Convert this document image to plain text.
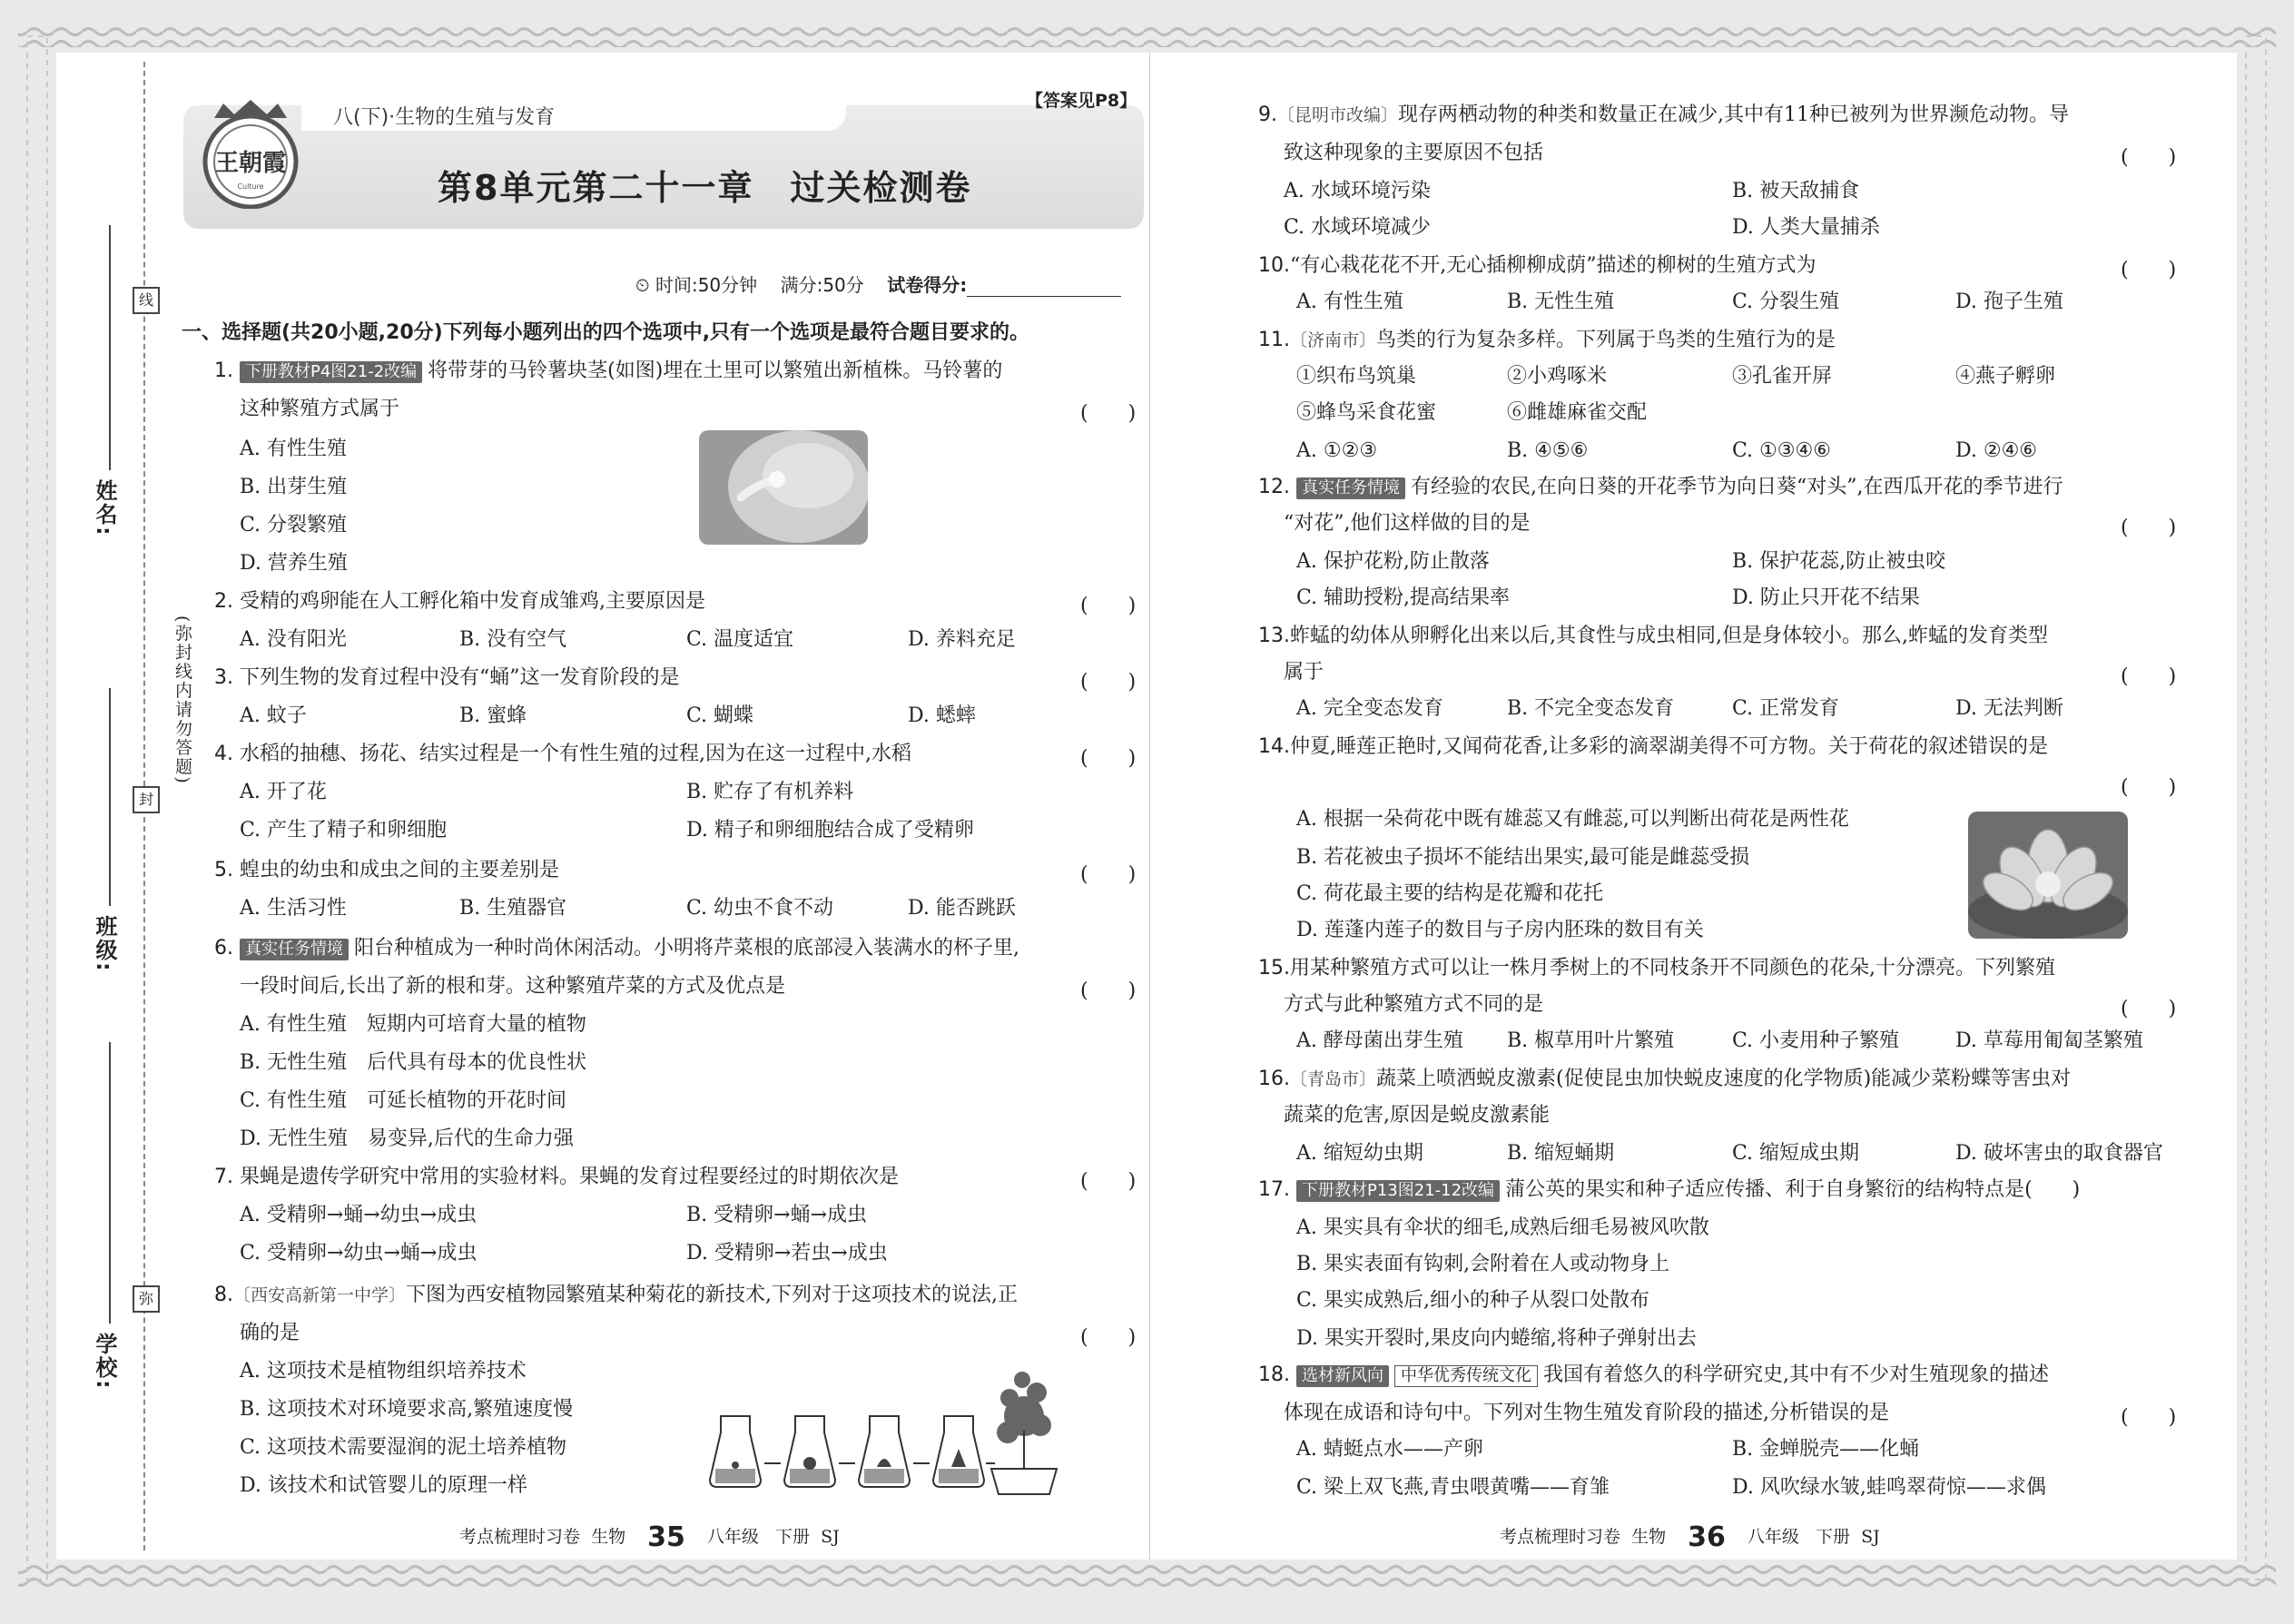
线
封
弥
姓名:
班级:
学校:
(弥封线内请勿答题)
八(下)·生物的生殖与发育
【答案见P8】
第8单元第二十一章　过关检测卷
王朝霞
Culture
⏲ 时间:50分钟 满分:50分 试卷得分:
一、选择题(共20小题,20分)下列每小题列出的四个选项中,只有一个选项是最符合题目要求的。
1. 下册教材P4图21-2改编 将带芽的马铃薯块茎(如图)埋在土里可以繁殖出新植株。马铃薯的
这种繁殖方式属于	(　　)
A. 有性生殖
B. 出芽生殖
C. 分裂繁殖
D. 营养生殖
2. 受精的鸡卵能在人工孵化箱中发育成雏鸡,主要原因是	(　　)
A. 没有阳光	B. 没有空气	C. 温度适宜	D. 养料充足
3. 下列生物的发育过程中没有“蛹”这一发育阶段的是	(　　)
A. 蚊子	B. 蜜蜂	C. 蝴蝶	D. 蟋蟀
4. 水稻的抽穗、扬花、结实过程是一个有性生殖的过程,因为在这一过程中,水稻	(　　)
A. 开了花	B. 贮存了有机养料
C. 产生了精子和卵细胞	D. 精子和卵细胞结合成了受精卵
5. 蝗虫的幼虫和成虫之间的主要差别是	(　　)
A. 生活习性	B. 生殖器官	C. 幼虫不食不动	D. 能否跳跃
6. 真实任务情境 阳台种植成为一种时尚休闲活动。小明将芹菜根的底部浸入装满水的杯子里,
一段时间后,长出了新的根和芽。这种繁殖芹菜的方式及优点是	(　　)
A. 有性生殖　短期内可培育大量的植物
B. 无性生殖　后代具有母本的优良性状
C. 有性生殖　可延长植物的开花时间
D. 无性生殖　易变异,后代的生命力强
7. 果蝇是遗传学研究中常用的实验材料。果蝇的发育过程要经过的时期依次是	(　　)
A. 受精卵→蛹→幼虫→成虫	B. 受精卵→蛹→成虫
C. 受精卵→幼虫→蛹→成虫	D. 受精卵→若虫→成虫
8.〔西安高新第一中学〕下图为西安植物园繁殖某种菊花的新技术,下列对于这项技术的说法,正
确的是	(　　)
A. 这项技术是植物组织培养技术
B. 这项技术对环境要求高,繁殖速度慢
C. 这项技术需要湿润的泥土培养植物
D. 该技术和试管婴儿的原理一样
考点梳理时习卷 生物 35 八年级 下册 SJ
9.〔昆明市改编〕现存两栖动物的种类和数量正在减少,其中有11种已被列为世界濒危动物。导
致这种现象的主要原因不包括	(　　)
A. 水域环境污染	B. 被天敌捕食
C. 水域环境减少	D. 人类大量捕杀
10.“有心栽花花不开,无心插柳柳成荫”描述的柳树的生殖方式为	(　　)
A. 有性生殖	B. 无性生殖	C. 分裂生殖	D. 孢子生殖
11.〔济南市〕鸟类的行为复杂多样。下列属于鸟类的生殖行为的是
①织布鸟筑巢	②小鸡啄米	③孔雀开屏	④燕子孵卵
⑤蜂鸟采食花蜜	⑥雌雄麻雀交配
A. ①②③	B. ④⑤⑥	C. ①③④⑥	D. ②④⑥
12. 真实任务情境 有经验的农民,在向日葵的开花季节为向日葵“对头”,在西瓜开花的季节进行
“对花”,他们这样做的目的是	(　　)
A. 保护花粉,防止散落	B. 保护花蕊,防止被虫咬
C. 辅助授粉,提高结果率	D. 防止只开花不结果
13.蚱蜢的幼体从卵孵化出来以后,其食性与成虫相同,但是身体较小。那么,蚱蜢的发育类型
属于	(　　)
A. 完全变态发育	B. 不完全变态发育	C. 正常发育	D. 无法判断
14.仲夏,睡莲正艳时,又闻荷花香,让多彩的滴翠湖美得不可方物。关于荷花的叙述错误的是
(　　)
A. 根据一朵荷花中既有雄蕊又有雌蕊,可以判断出荷花是两性花
B. 若花被虫子损坏不能结出果实,最可能是雌蕊受损
C. 荷花最主要的结构是花瓣和花托
D. 莲蓬内莲子的数目与子房内胚珠的数目有关
15.用某种繁殖方式可以让一株月季树上的不同枝条开不同颜色的花朵,十分漂亮。下列繁殖
方式与此种繁殖方式不同的是	(　　)
A. 酵母菌出芽生殖 B. 椒草用叶片繁殖	C. 小麦用种子繁殖	D. 草莓用匍匐茎繁殖
16.〔青岛市〕蔬菜上喷洒蜕皮激素(促使昆虫加快蜕皮速度的化学物质)能减少菜粉蝶等害虫对
蔬菜的危害,原因是蜕皮激素能
A. 缩短幼虫期	B. 缩短蛹期	C. 缩短成虫期	D. 破坏害虫的取食器官
17. 下册教材P13图21-12改编 蒲公英的果实和种子适应传播、利于自身繁衍的结构特点是(　　)
A. 果实具有伞状的细毛,成熟后细毛易被风吹散
B. 果实表面有钩刺,会附着在人或动物身上
C. 果实成熟后,细小的种子从裂口处散布
D. 果实开裂时,果皮向内蜷缩,将种子弹射出去
18. 选材新风向 中华优秀传统文化 我国有着悠久的科学研究史,其中有不少对生殖现象的描述
体现在成语和诗句中。下列对生物生殖发育阶段的描述,分析错误的是	(　　)
A. 蜻蜓点水——产卵	B. 金蝉脱壳——化蛹
C. 梁上双飞燕,青虫喂黄嘴——育雏	D. 风吹绿水皱,蛙鸣翠荷惊——求偶
考点梳理时习卷 生物 36 八年级 下册 SJ
